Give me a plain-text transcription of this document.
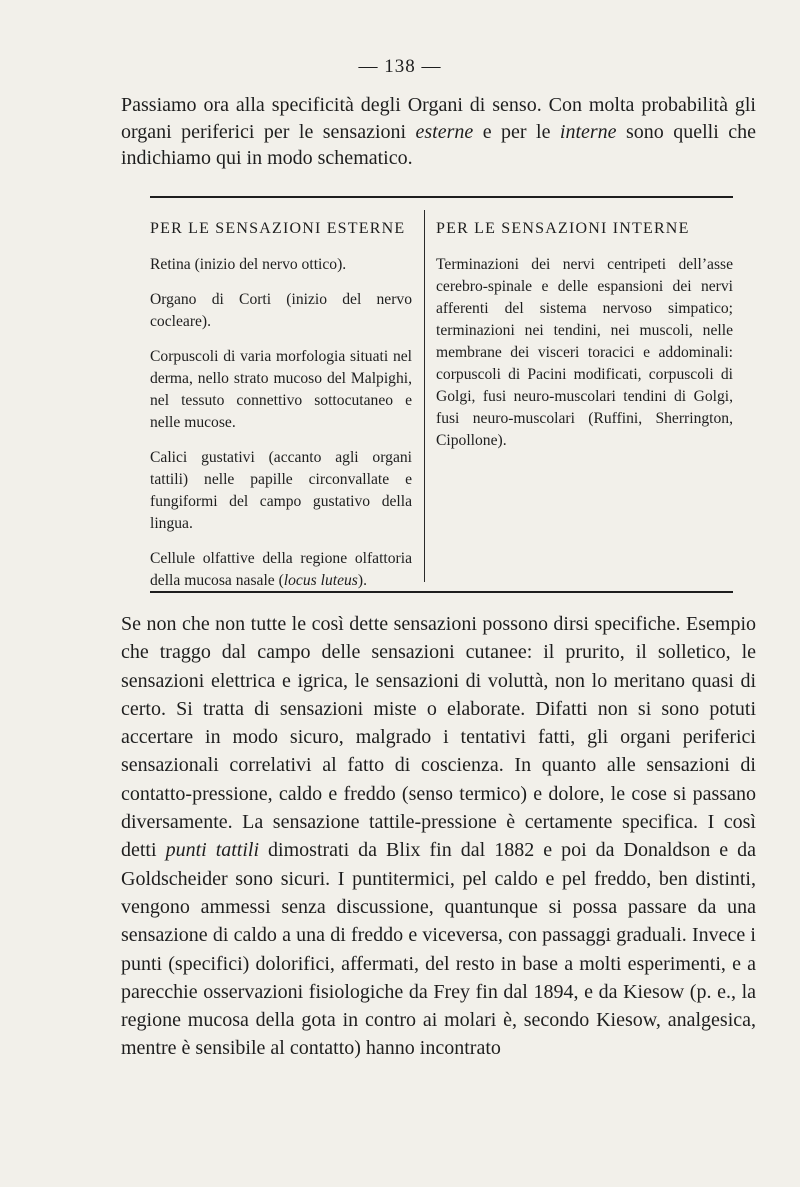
— 138 —

Passiamo ora alla specificità degli Organi di senso. Con molta probabilità gli organi periferici per le sensazioni esterne e per le interne sono quelli che indichiamo qui in modo schematico.

PER LE SENSAZIONI ESTERNE

Retina (inizio del nervo ottico).

Organo di Corti (inizio del nervo cocleare).

Corpuscoli di varia morfologia situati nel derma, nello strato mucoso del Malpighi, nel tessuto connettivo sottocutaneo e nelle mucose.

Calici gustativi (accanto agli organi tattili) nelle papille circonvallate e fungiformi del campo gustativo della lingua.

Cellule olfattive della regione olfattoria della mucosa nasale (locus luteus).

PER LE SENSAZIONI INTERNE

Terminazioni dei nervi centripeti dell’asse cerebro-spinale e delle espansioni dei nervi afferenti del sistema nervoso simpatico; terminazioni nei tendini, nei muscoli, nelle membrane dei visceri toracici e addominali: corpuscoli di Pacini modificati, corpuscoli di Golgi, fusi neuro-muscolari tendini di Golgi, fusi neuro-muscolari (Ruffini, Sherrington, Cipollone).

Se non che non tutte le così dette sensazioni possono dirsi specifiche. Esempio che traggo dal campo delle sensazioni cutanee: il prurito, il solletico, le sensazioni elettrica e igrica, le sensazioni di voluttà, non lo meritano quasi di certo. Si tratta di sensazioni miste o elaborate. Difatti non si sono potuti accertare in modo sicuro, malgrado i tentativi fatti, gli organi periferici sensazionali correlativi al fatto di coscienza. In quanto alle sensazioni di contatto-pressione, caldo e freddo (senso termico) e dolore, le cose si passano diversamente. La sensazione tattile-pressione è certamente specifica. I così detti punti tattili dimostrati da Blix fin dal 1882 e poi da Donaldson e da Goldscheider sono sicuri. I puntitermici, pel caldo e pel freddo, ben distinti, vengono ammessi senza discussione, quantunque si possa passare da una sensazione di caldo a una di freddo e viceversa, con passaggi graduali. Invece i punti (specifici) dolorifici, affermati, del resto in base a molti esperimenti, e a parecchie osservazioni fisiologiche da Frey fin dal 1894, e da Kiesow (p. e., la regione mucosa della gota in contro ai molari è, secondo Kiesow, analgesica, mentre è sensibile al contatto) hanno incontrato
